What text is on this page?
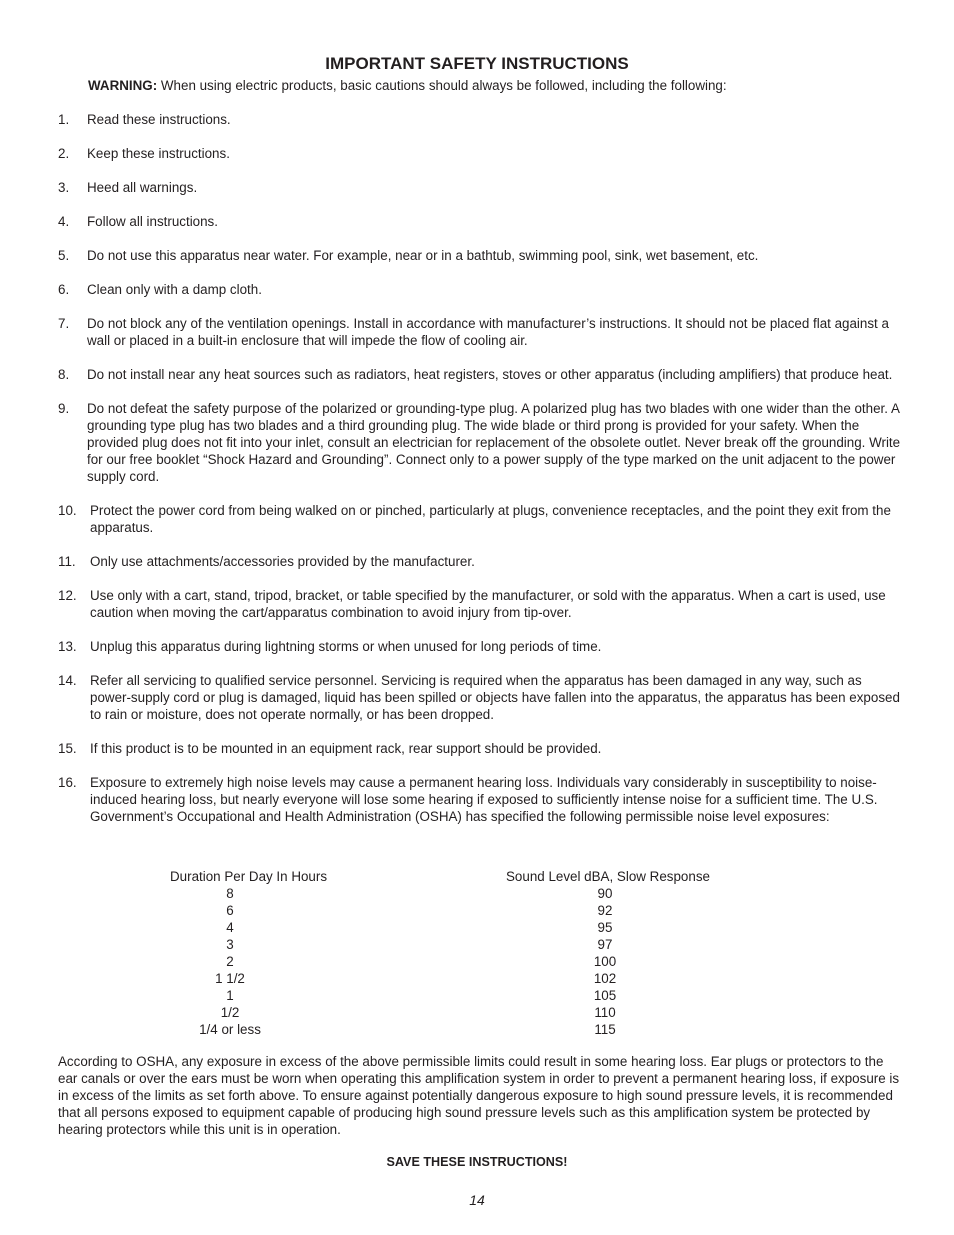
IMPORTANT SAFETY INSTRUCTIONS
WARNING: When using electric products, basic cautions should always be followed, including the following:
1.	Read these instructions.
2.	Keep these instructions.
3.	Heed all warnings.
4.	Follow all instructions.
5.	Do not use this apparatus near water. For example, near or in a bathtub, swimming pool, sink, wet basement, etc.
6.	Clean only with a damp cloth.
7.	Do not block any of the ventilation openings. Install in accordance with manufacturer’s instructions. It should not be placed flat against a wall or placed in a built-in enclosure that will impede the flow of cooling air.
8.	Do not install near any heat sources such as radiators, heat registers, stoves or other apparatus (including amplifiers) that produce heat.
9.	Do not defeat the safety purpose of the polarized or grounding-type plug. A polarized plug has two blades with one wider than the other. A grounding type plug has two blades and a third grounding plug. The wide blade or third prong is provided for your safety. When the provided plug does not fit into your inlet, consult an electrician for replacement of the obsolete outlet. Never break off the grounding. Write for our free booklet “Shock Hazard and Grounding”. Connect only to a power supply of the type marked on the unit adjacent to the power supply cord.
10. Protect the power cord from being walked on or pinched, particularly at plugs, convenience receptacles, and the point they exit from the apparatus.
11.	Only use attachments/accessories provided by the manufacturer.
12. Use only with a cart, stand, tripod, bracket, or table specified by the manufacturer, or sold with the apparatus. When a cart is used, use caution when moving the cart/apparatus combination to avoid injury from tip-over.
13. Unplug this apparatus during lightning storms or when unused for long periods of time.
14. Refer all servicing to qualified service personnel. Servicing is required when the apparatus has been damaged in any way, such as power-supply cord or plug is damaged, liquid has been spilled or objects have fallen into the apparatus, the apparatus has been exposed to rain or moisture, does not operate normally, or has been dropped.
15. If this product is to be mounted in an equipment rack, rear support should be provided.
16. Exposure to extremely high noise levels may cause a permanent hearing loss. Individuals vary considerably in susceptibility to noise-induced hearing loss, but nearly everyone will lose some hearing if exposed to sufficiently intense noise for a sufficient time. The U.S. Government’s Occupational and Health Administration (OSHA) has specified the following permissible noise level exposures:
Duration Per Day In Hours	Sound Level dBA, Slow Response
8	90
6	92
4	95
3	97
2	100
1 1/2	102
1	105
1/2	110
1/4 or less	115

According to OSHA, any exposure in excess of the above permissible limits could result in some hearing loss. Ear plugs or protectors to the ear canals or over the ears must be worn when operating this amplification system in order to prevent a permanent hearing loss, if exposure is in excess of the limits as set forth above. To ensure against potentially dangerous exposure to high sound pressure levels, it is recommended that all persons exposed to equipment capable of producing high sound pressure levels such as this amplification system be protected by hearing protectors while this unit is in operation.

SAVE THESE INSTRUCTIONS!

14
